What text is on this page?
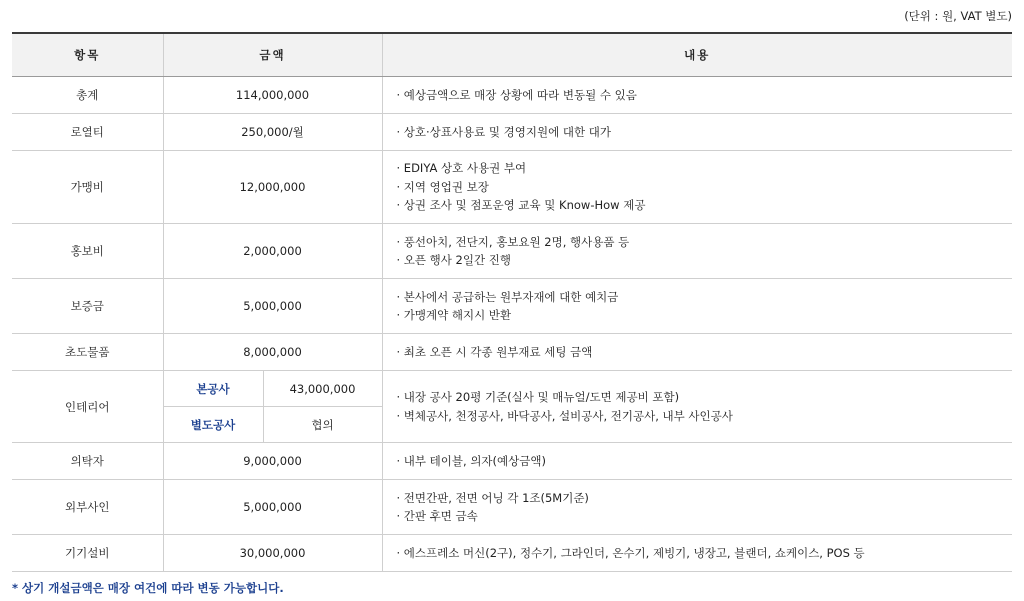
(단위 : 원, VAT 별도)
항목	금액		내용
총계	114,000,000		· 예상금액으로 매장 상황에 따라 변동될 수 있음

로열티	250,000/월		· 상호·상표사용료 및 경영지원에 대한 대가

가맹비	12,000,000		· EDIYA 상호 사용권 부여
· 지역 영업권 보장
· 상권 조사 및 점포운영 교육 및 Know-How 제공

홍보비	2,000,000		· 풍선아치, 전단지, 홍보요원 2명, 행사용품 등
· 오픈 행사 2일간 진행

보증금	5,000,000		· 본사에서 공급하는 원부자재에 대한 예치금
· 가맹계약 해지시 반환

초도물품	8,000,000		· 최초 오픈 시 각종 원부재료 세팅 금액

인테리어	본공사	43,000,000	· 내장 공사 20평 기준(실사 및 매뉴얼/도면 제공비 포함)
· 벽체공사, 천정공사, 바닥공사, 설비공사, 전기공사, 내부 사인공사

	별도공사	협의	
의탁자	9,000,000		· 내부 테이블, 의자(예상금액)

외부사인	5,000,000		· 전면간판, 전면 어닝 각 1조(5M기준)
· 간판 후면 금속

기기설비	30,000,000		· 에스프레소 머신(2구), 정수기, 그라인더, 온수기, 제빙기, 냉장고, 블랜더, 쇼케이스, POS 등
* 상기 개설금액은 매장 여건에 따라 변동 가능합니다.
